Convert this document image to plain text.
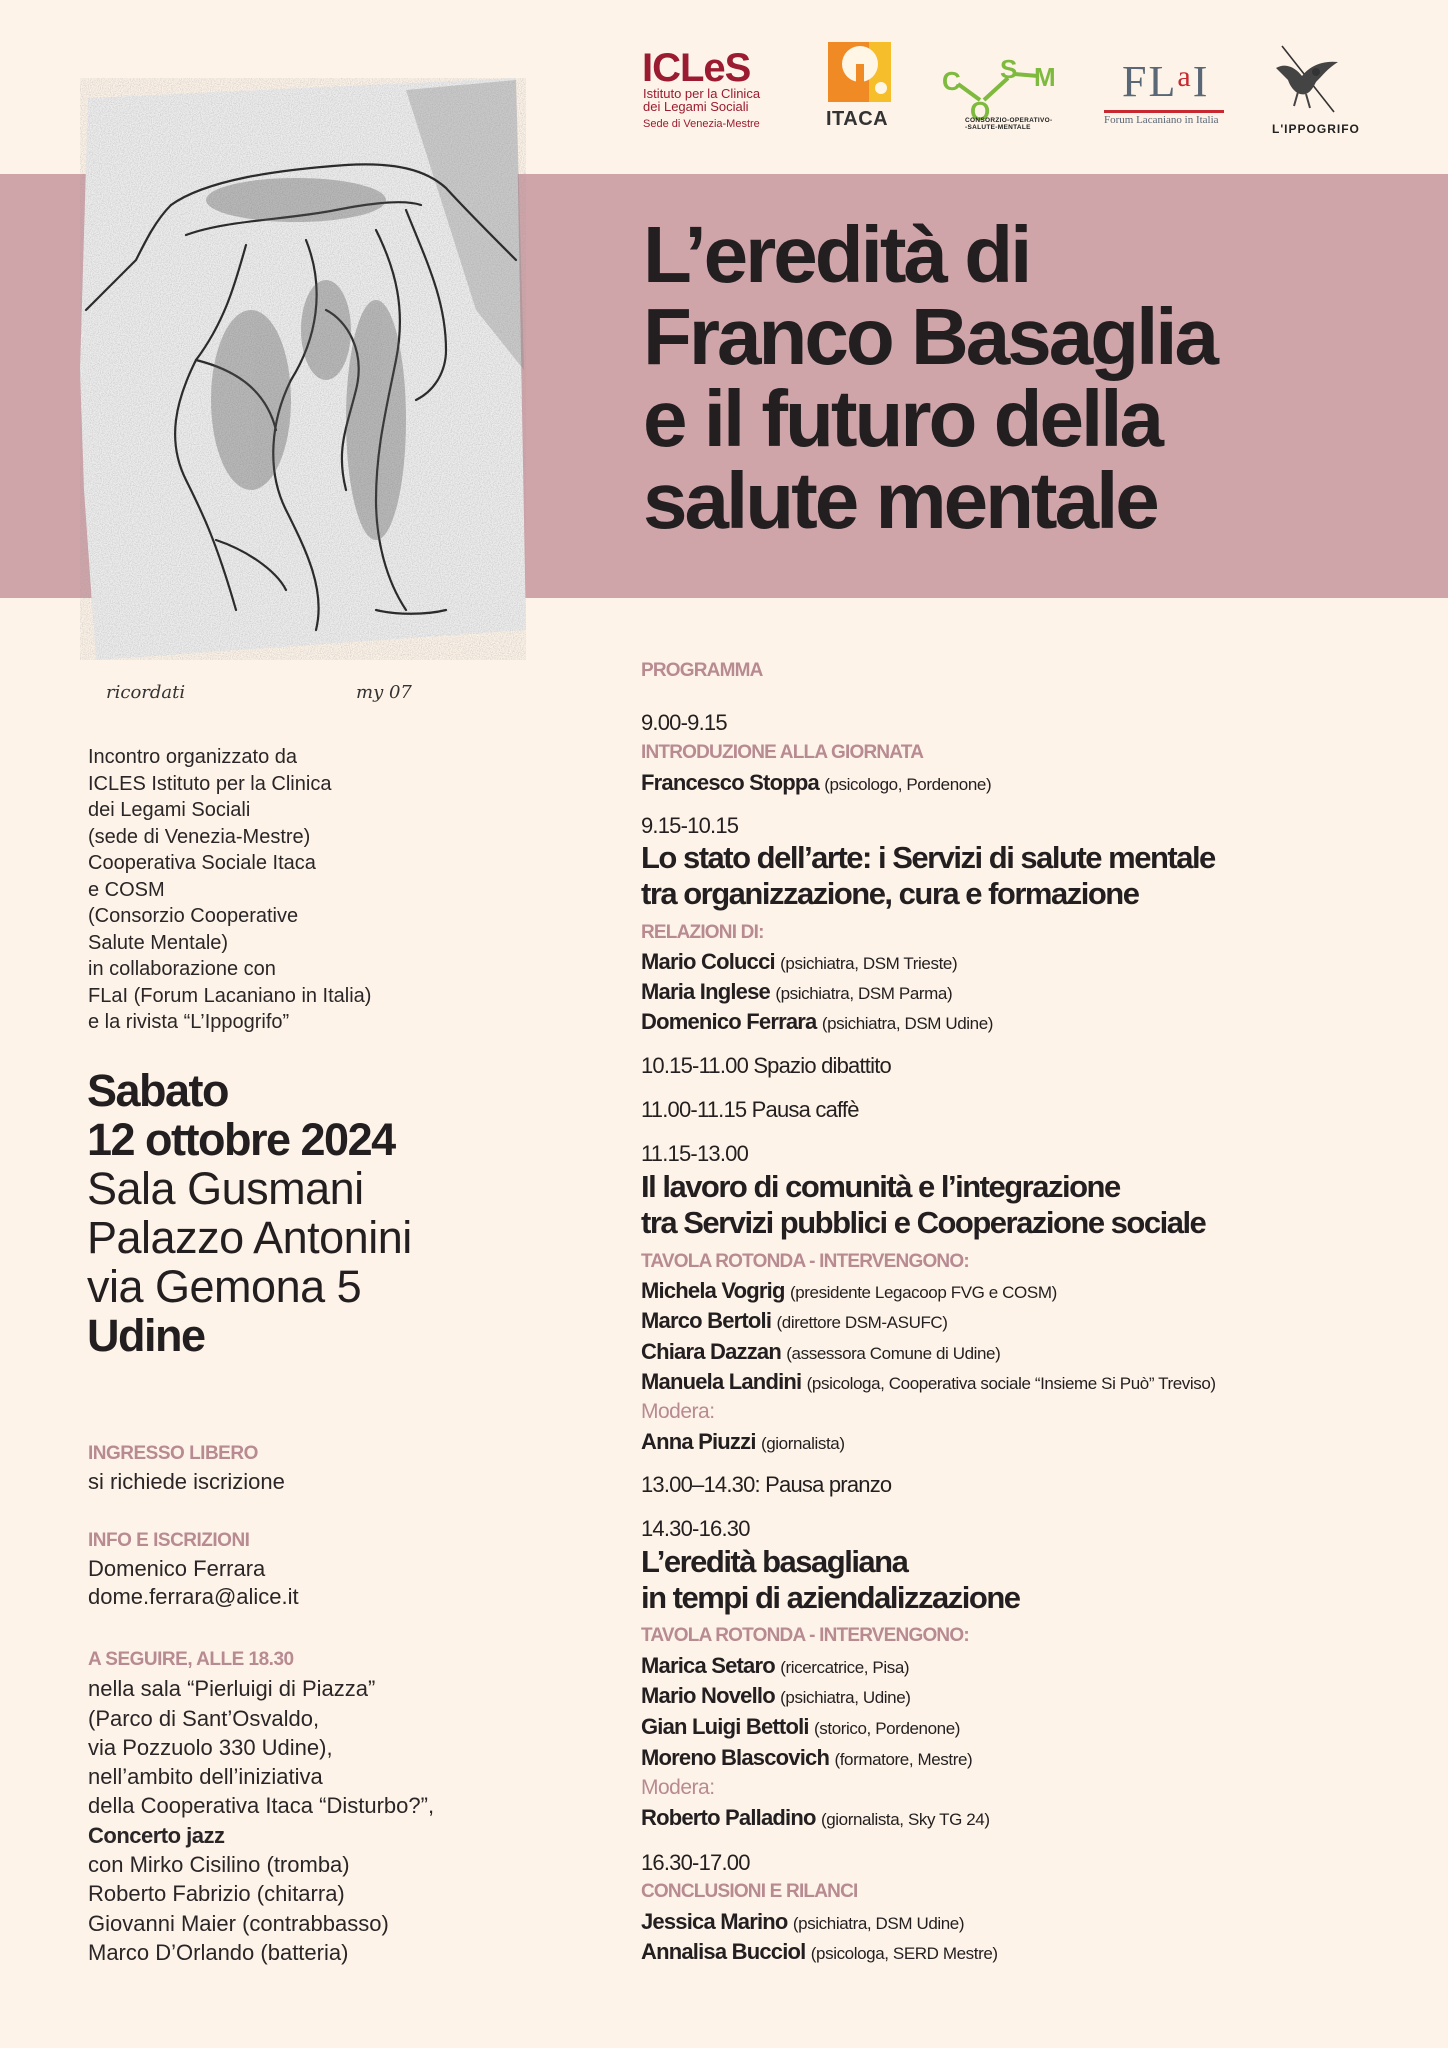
ICLeS
Istituto per la Clinica
dei Legami Sociali
Sede di Venezia-Mestre	ITACA
C
O
S M
CONSORZIO-OPERATIVO-
-SALUTE-MENTALE
$FL^aI$
Forum Lacaniano in Italia
L'IPPOGRIFO
ricordati	my 07
L’eredità di
Franco Basaglia
e il futuro della
salute mentale
Incontro organizzato da
ICLES Istituto per la Clinica
dei Legami Sociali
(sede di Venezia-Mestre)
Cooperativa Sociale Itaca
e COSM
(Consorzio Cooperative
Salute Mentale)
in collaborazione con
FLaI (Forum Lacaniano in Italia)
e la rivista “L’Ippogrifo”
Sabato
12 ottobre 2024
Sala Gusmani
Palazzo Antonini
via Gemona 5
Udine
INGRESSO LIBERO
si richiede iscrizione
INFO E ISCRIZIONI
Domenico Ferrara
dome.ferrara@alice.it
A SEGUIRE, ALLE 18.30
nella sala “Pierluigi di Piazza”
(Parco di Sant’Osvaldo,
via Pozzuolo 330 Udine),
nell’ambito dell’iniziativa
della Cooperativa Itaca “Disturbo?”,
Concerto jazz
con Mirko Cisilino (tromba)
Roberto Fabrizio (chitarra)
Giovanni Maier (contrabbasso)
Marco D’Orlando (batteria)
PROGRAMMA
9.00-9.15
INTRODUZIONE ALLA GIORNATA
Francesco Stoppa (psicologo, Pordenone)
9.15-10.15
Lo stato dell’arte: i Servizi di salute mentale
tra organizzazione, cura e formazione
RELAZIONI DI:
Mario Colucci (psichiatra, DSM Trieste)
Maria Inglese (psichiatra, DSM Parma)
Domenico Ferrara (psichiatra, DSM Udine)
10.15-11.00 Spazio dibattito
11.00-11.15 Pausa caffè
11.15-13.00
Il lavoro di comunità e l’integrazione
tra Servizi pubblici e Cooperazione sociale
TAVOLA ROTONDA - INTERVENGONO:
Michela Vogrig (presidente Legacoop FVG e COSM)
Marco Bertoli (direttore DSM-ASUFC)
Chiara Dazzan (assessora Comune di Udine)
Manuela Landini (psicologa, Cooperativa sociale “Insieme Si Può” Treviso)
Modera:
Anna Piuzzi (giornalista)
13.00–14.30: Pausa pranzo
14.30-16.30
L’eredità basagliana
in tempi di aziendalizzazione
TAVOLA ROTONDA - INTERVENGONO:
Marica Setaro (ricercatrice, Pisa)
Mario Novello (psichiatra, Udine)
Gian Luigi Bettoli (storico, Pordenone)
Moreno Blascovich (formatore, Mestre)
Modera:
Roberto Palladino (giornalista, Sky TG 24)
16.30-17.00
CONCLUSIONI E RILANCI
Jessica Marino (psichiatra, DSM Udine)
Annalisa Bucciol (psicologa, SERD Mestre)
